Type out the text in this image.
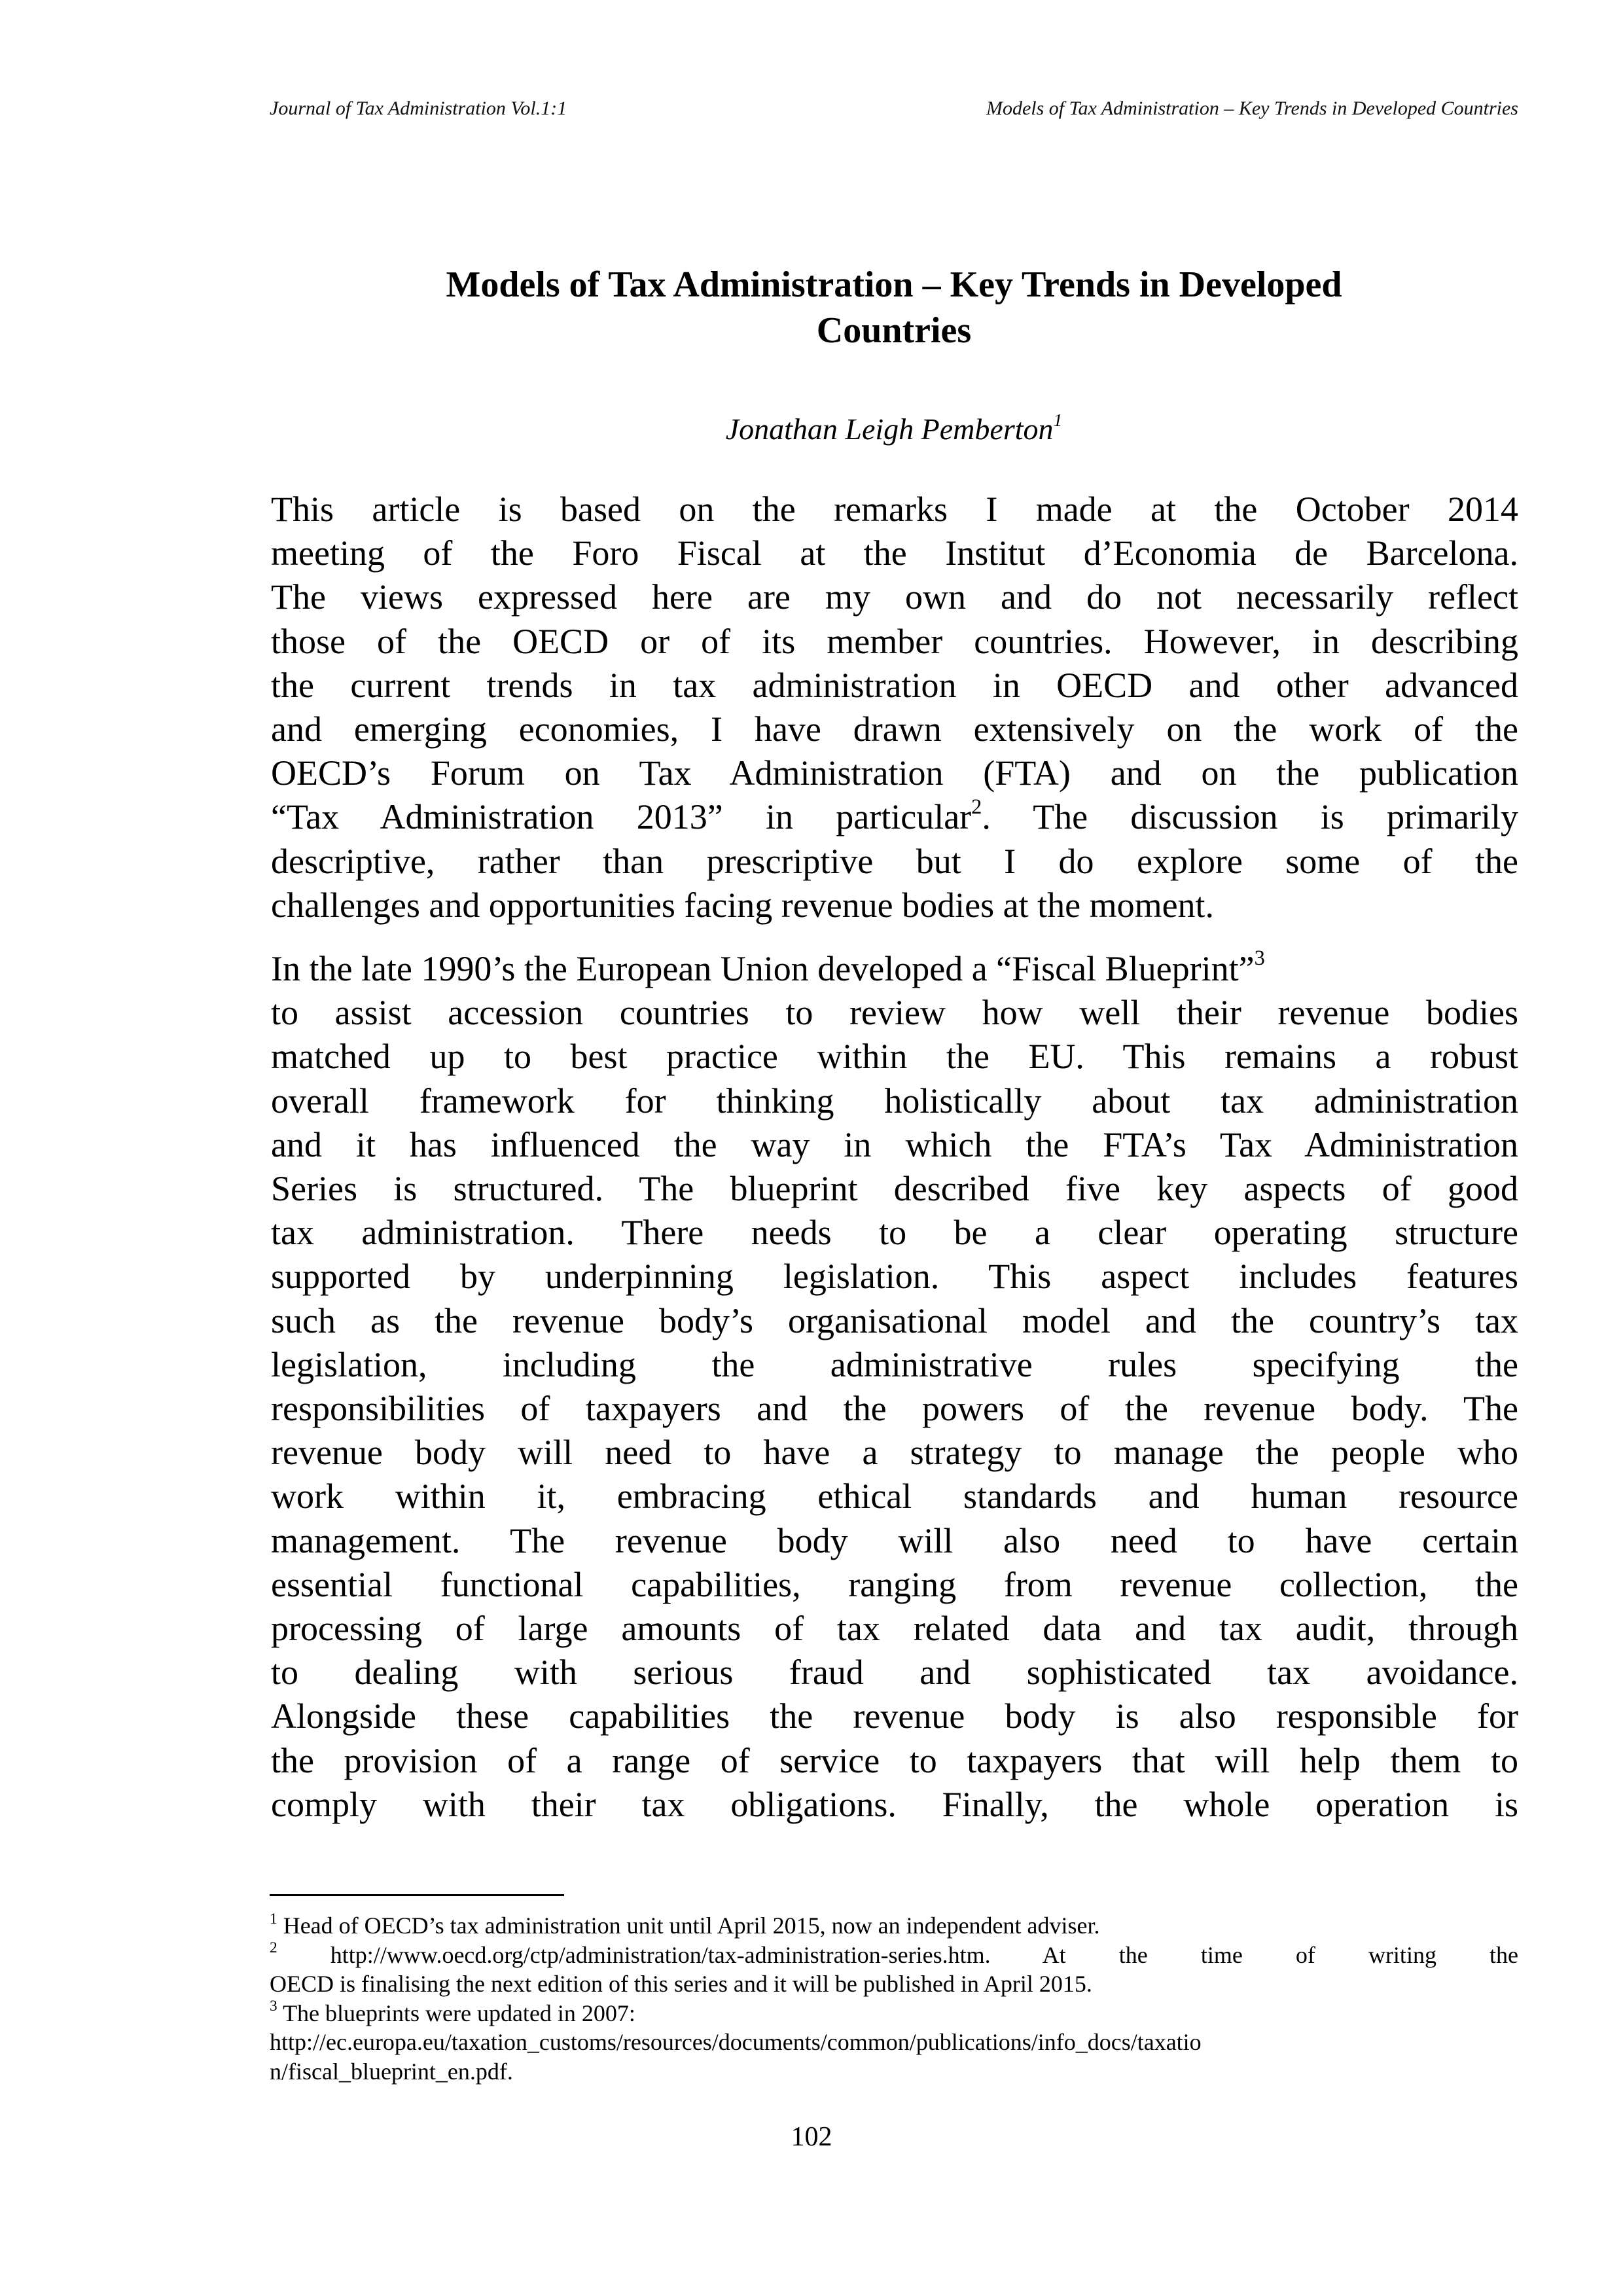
Journal of Tax Administration Vol.1:1	Models of Tax Administration – Key Trends in Developed Countries
Models of Tax Administration – Key Trends in Developed
Countries
Jonathan Leigh Pemberton$^1$

This article is based on the remarks I made at the October 2014
meeting of the Foro Fiscal at the Institut d’Economia de Barcelona.
The views expressed here are my own and do not necessarily reflect
those of the OECD or of its member countries. However, in describing
the current trends in tax administration in OECD and other advanced
and emerging economies, I have drawn extensively on the work of the
OECD’s Forum on Tax Administration (FTA) and on the publication
“Tax Administration 2013” in particular$^2$. The discussion is primarily
descriptive, rather than prescriptive but I do explore some of the
challenges and opportunities facing revenue bodies at the moment.

In the late 1990’s the European Union developed a “Fiscal Blueprint”$^3$
to assist accession countries to review how well their revenue bodies
matched up to best practice within the EU. This remains a robust
overall framework for thinking holistically about tax administration
and it has influenced the way in which the FTA’s Tax Administration
Series is structured. The blueprint described five key aspects of good
tax administration. There needs to be a clear operating structure
supported by underpinning legislation. This aspect includes features
such as the revenue body’s organisational model and the country’s tax
legislation, including the administrative rules specifying the
responsibilities of taxpayers and the powers of the revenue body. The
revenue body will need to have a strategy to manage the people who
work within it, embracing ethical standards and human resource
management. The revenue body will also need to have certain
essential functional capabilities, ranging from revenue collection, the
processing of large amounts of tax related data and tax audit, through
to dealing with serious fraud and sophisticated tax avoidance.
Alongside these capabilities the revenue body is also responsible for
the provision of a range of service to taxpayers that will help them to
comply with their tax obligations. Finally, the whole operation is

$^1$ Head of OECD’s tax administration unit until April 2015, now an independent adviser.
$^2$ http://www.oecd.org/ctp/administration/tax-administration-series.htm. At the time of writing the
OECD is finalising the next edition of this series and it will be published in April 2015.
$^3$ The blueprints were updated in 2007:
http://ec.europa.eu/taxation_customs/resources/documents/common/publications/info_docs/taxatio
n/fiscal_blueprint_en.pdf.
102
